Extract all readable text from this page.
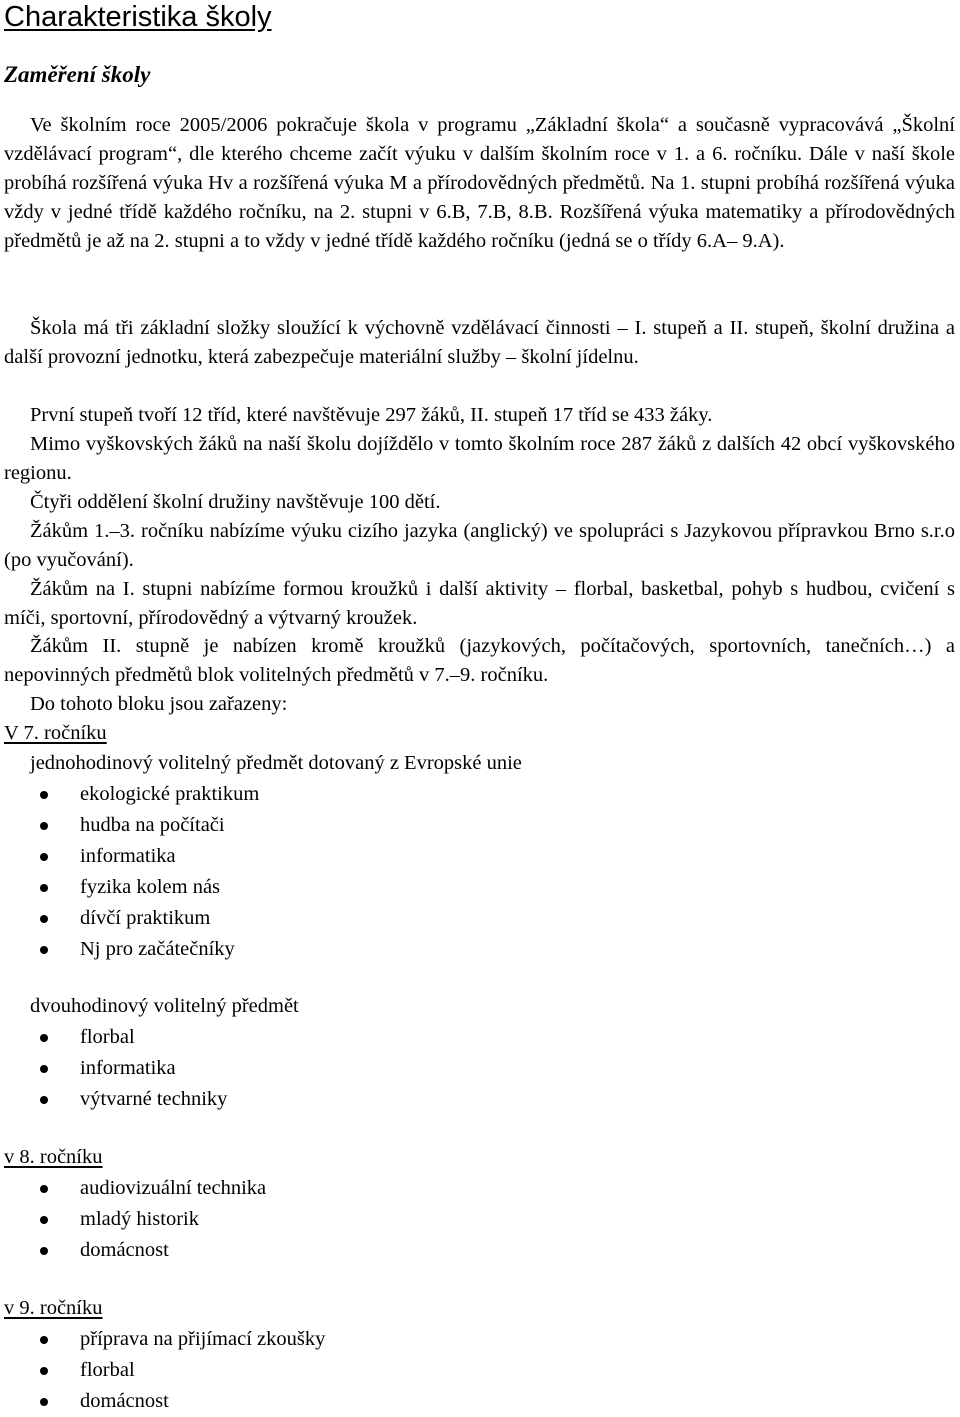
Charakteristika školy
Zaměření školy

Ve školním roce 2005/2006 pokračuje škola v programu „Základní škola“ a současně vypracovává „Školní vzdělávací program“, dle kterého chceme začít výuku v dalším školním roce v 1. a 6. ročníku. Dále v naší škole probíhá rozšířená výuka Hv a rozšířená výuka M a přírodovědných předmětů. Na 1. stupni probíhá rozšířená výuka vždy v jedné třídě každého ročníku, na 2. stupni v 6.B, 7.B, 8.B. Rozšířená výuka matematiky a přírodovědných předmětů je až na 2. stupni a to vždy v jedné třídě každého ročníku (jedná se o třídy 6.A– 9.A).

Škola má tři základní složky sloužící k výchovně vzdělávací činnosti – I. stupeň a II. stupeň, školní družina a další provozní jednotku, která zabezpečuje materiální služby – školní jídelnu.

První stupeň tvoří 12 tříd, které navštěvuje 297 žáků, II. stupeň 17 tříd se 433 žáky.

Mimo vyškovských žáků na naší školu dojíždělo v tomto školním roce 287 žáků z dalších 42 obcí vyškovského regionu.

Čtyři oddělení školní družiny navštěvuje 100 dětí.

Žákům 1.–3. ročníku nabízíme výuku cizího jazyka (anglický) ve spolupráci s Jazykovou přípravkou Brno s.r.o (po vyučování).

Žákům na I. stupni nabízíme formou kroužků i další aktivity – florbal, basketbal, pohyb s hudbou, cvičení s míči, sportovní, přírodovědný a výtvarný kroužek.

Žákům II. stupně je nabízen kromě kroužků (jazykových, počítačových, sportovních, tanečních…) a nepovinných předmětů blok volitelných předmětů v 7.–9. ročníku.

Do tohoto bloku jsou zařazeny:

V 7. ročníku
jednohodinový volitelný předmět dotovaný z Evropské unie
ekologické praktikum
hudba na počítači
informatika
fyzika kolem nás
dívčí praktikum
Nj pro začátečníky
dvouhodinový volitelný předmět
florbal
informatika
výtvarné techniky
v 8. ročníku
audiovizuální technika
mladý historik
domácnost
v 9. ročníku
příprava na přijímací zkoušky
florbal
domácnost
